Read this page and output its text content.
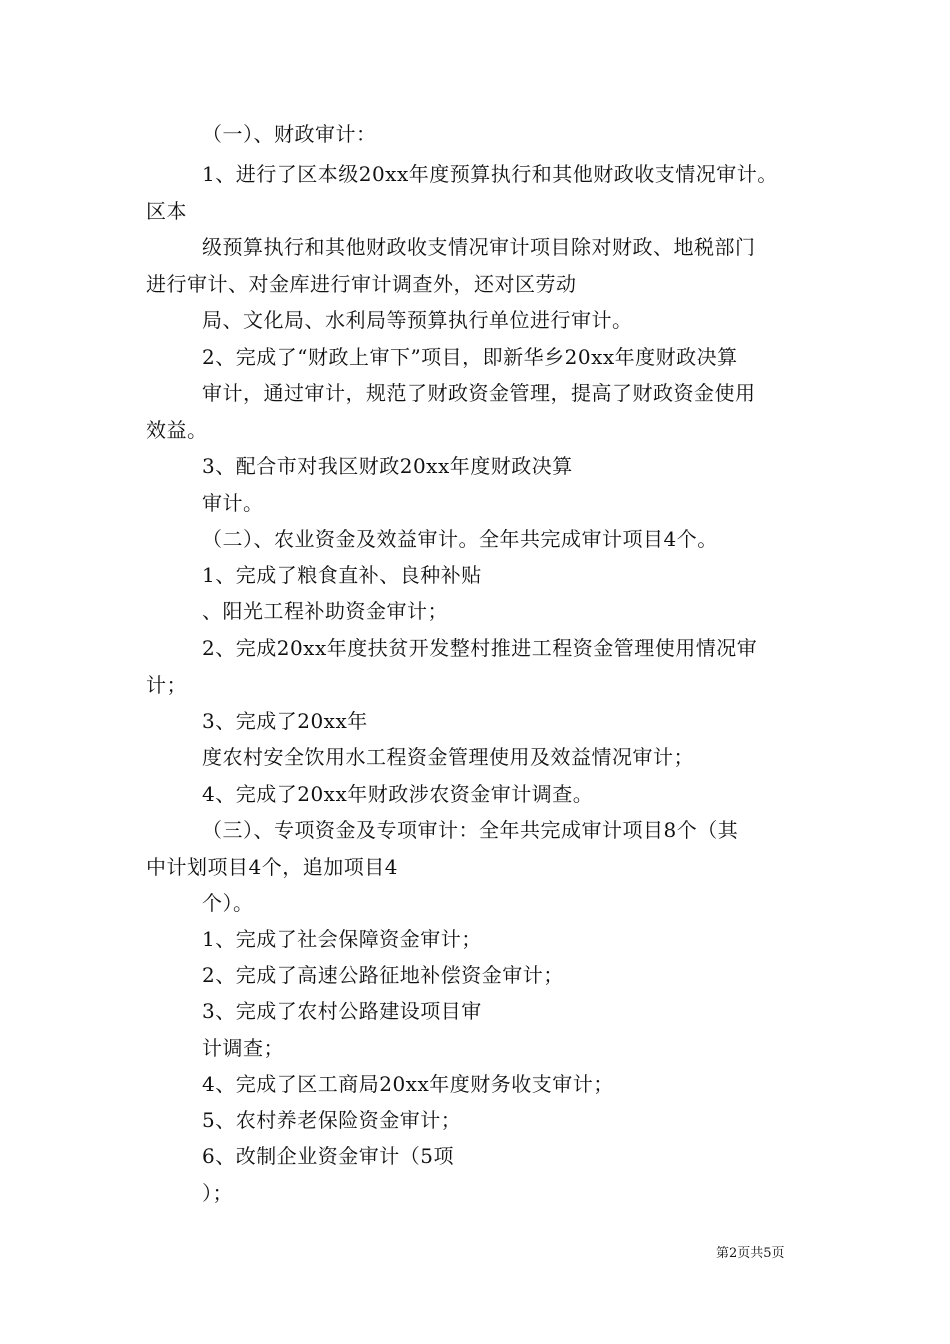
（一）、财政审计：
1、进行了区本级20xx年度预算执行和其他财政收支情况审计。
区本
级预算执行和其他财政收支情况审计项目除对财政、地税部门
进行审计、对金库进行审计调查外，还对区劳动
局、文化局、水利局等预算执行单位进行审计。
2、完成了“财政上审下”项目，即新华乡20xx年度财政决算
审计，通过审计，规范了财政资金管理，提高了财政资金使用
效益。
3、配合市对我区财政20xx年度财政决算
审计。
（二）、农业资金及效益审计。全年共完成审计项目4个。
1、完成了粮食直补、良种补贴
、阳光工程补助资金审计；
2、完成20xx年度扶贫开发整村推进工程资金管理使用情况审
计；
3、完成了20xx年
度农村安全饮用水工程资金管理使用及效益情况审计；
4、完成了20xx年财政涉农资金审计调查。
（三）、专项资金及专项审计：全年共完成审计项目8个（其
中计划项目4个，追加项目4
个）。
1、完成了社会保障资金审计；
2、完成了高速公路征地补偿资金审计；
3、完成了农村公路建设项目审
计调查；
4、完成了区工商局20xx年度财务收支审计；
5、农村养老保险资金审计；
6、改制企业资金审计（5项
）；
第2页共5页
